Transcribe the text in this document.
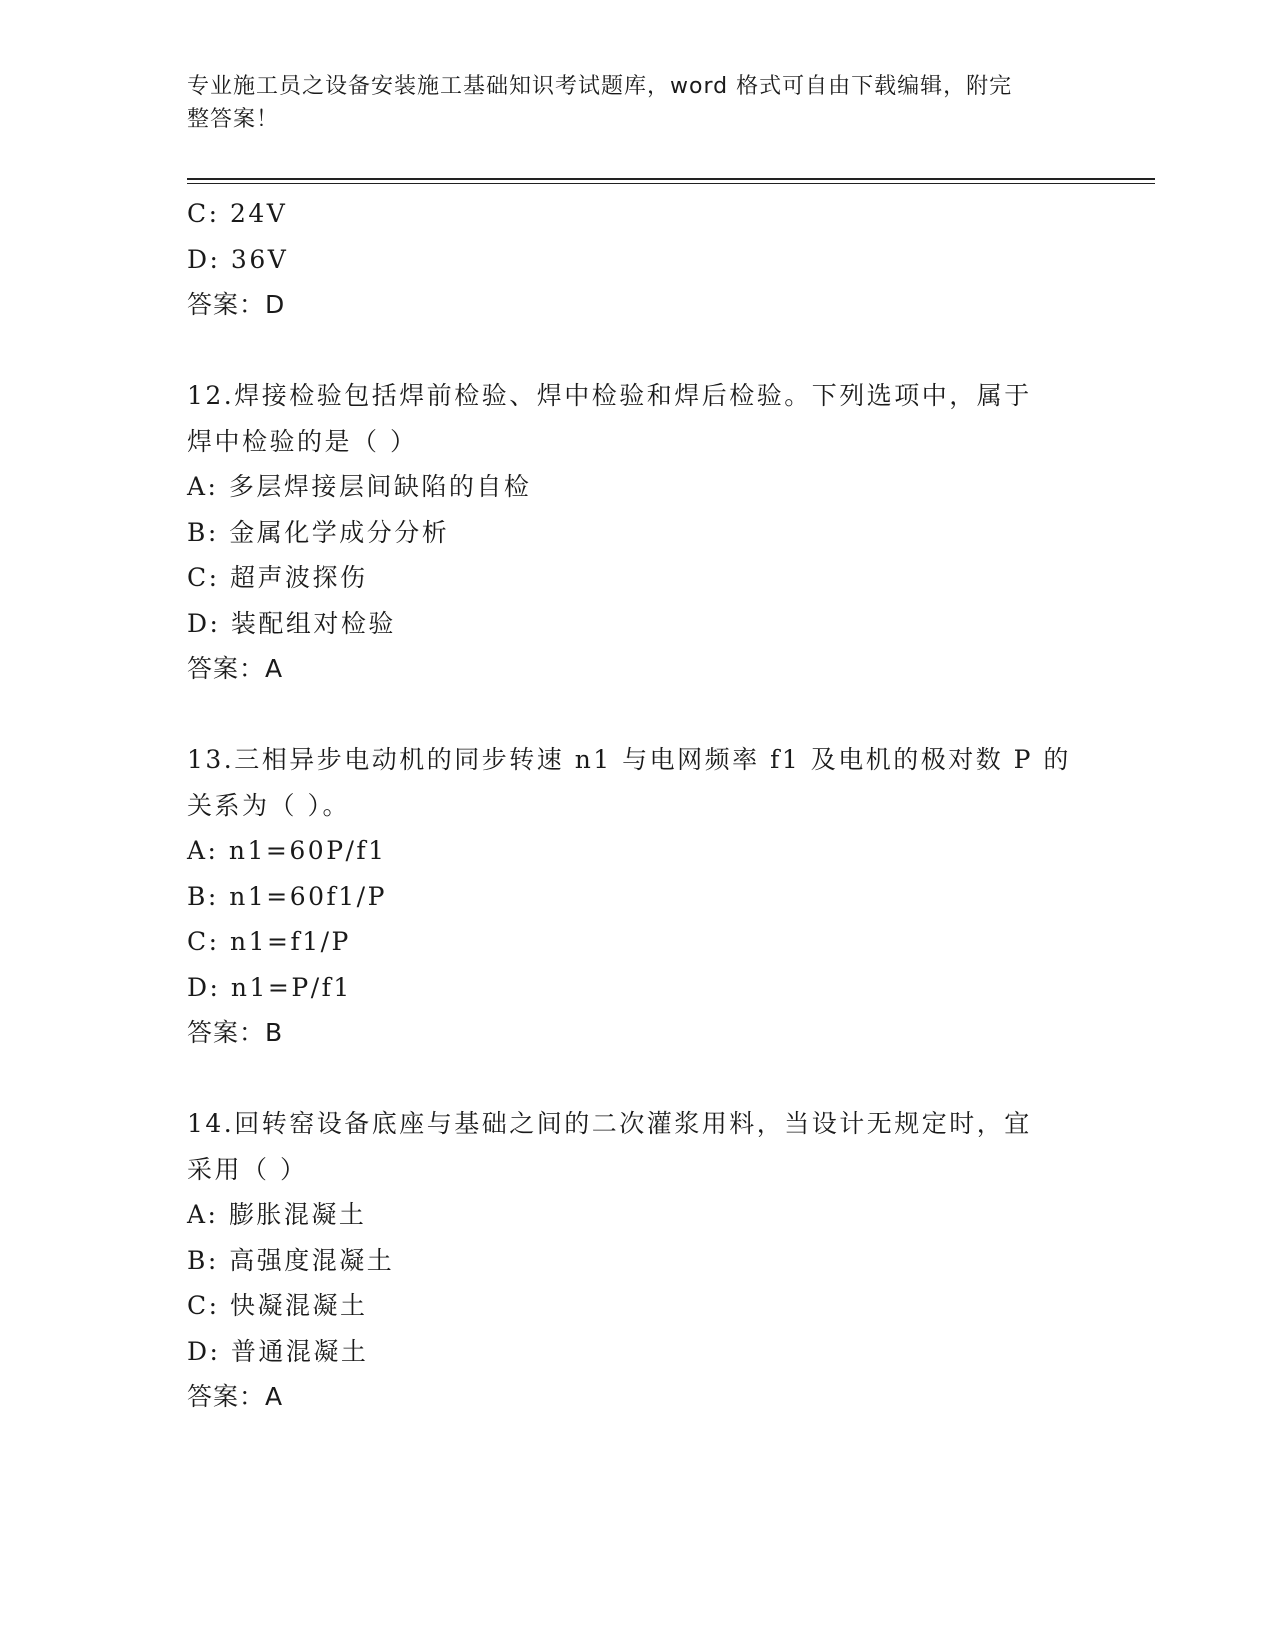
专业施工员之设备安装施工基础知识考试题库，word 格式可自由下载编辑，附完
整答案！
C: 24V
D: 36V
答案：D
12.焊接检验包括焊前检验、焊中检验和焊后检验。下列选项中，属于
焊中检验的是（ ）
A: 多层焊接层间缺陷的自检
B: 金属化学成分分析
C: 超声波探伤
D: 装配组对检验
答案：A
13.三相异步电动机的同步转速 n1 与电网频率 f1 及电机的极对数 P 的
关系为（ ）。
A: n1=60P/f1
B: n1=60f1/P
C: n1=f1/P
D: n1=P/f1
答案：B
14.回转窑设备底座与基础之间的二次灌浆用料，当设计无规定时，宜
采用（ ）
A: 膨胀混凝土
B: 高强度混凝土
C: 快凝混凝土
D: 普通混凝土
答案：A
